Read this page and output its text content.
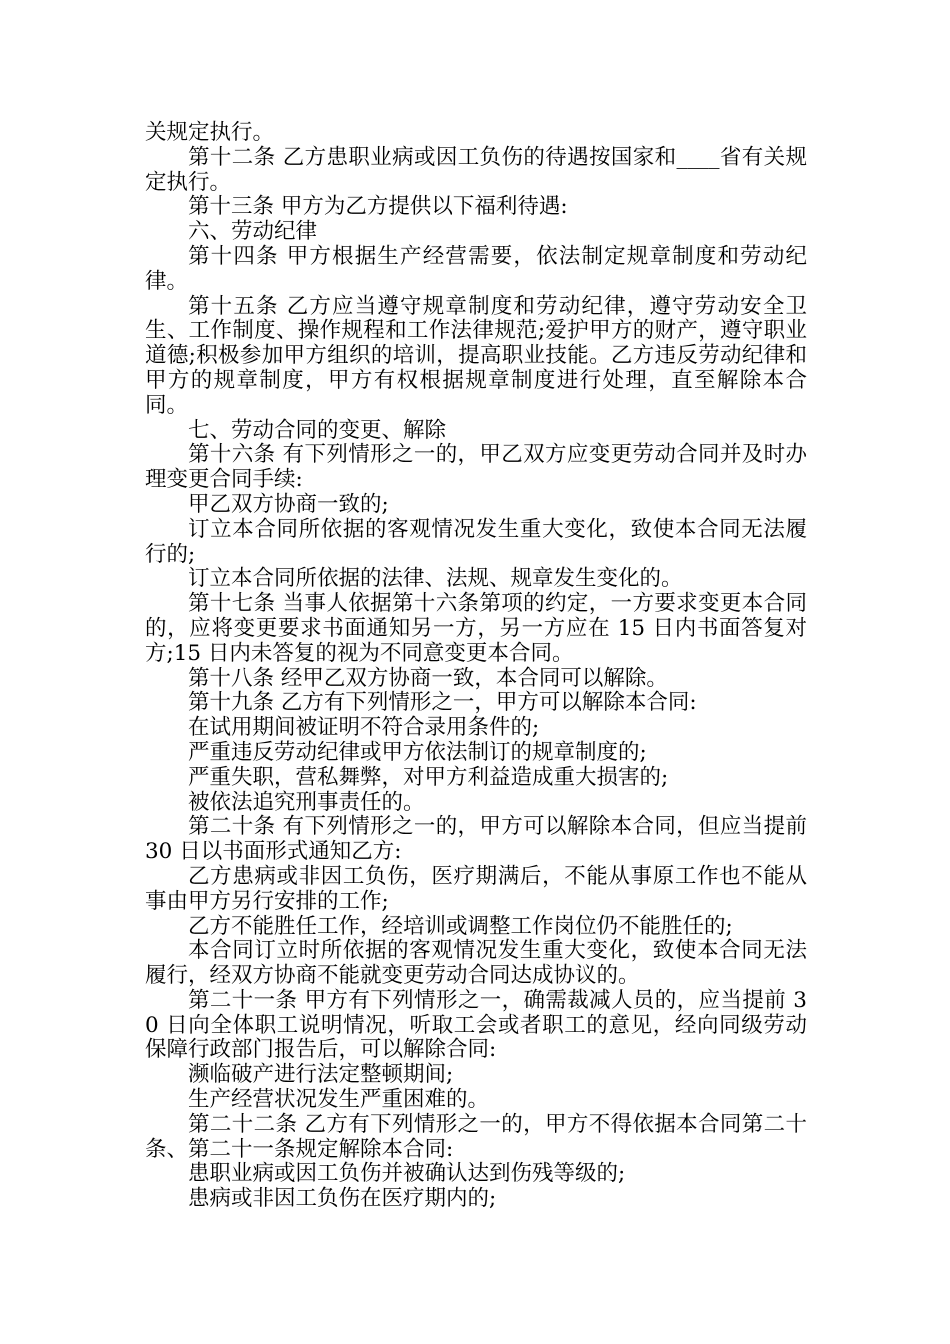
关规定执行。

第十二条 乙方患职业病或因工负伤的待遇按国家和____省有关规定执行。

第十三条 甲方为乙方提供以下福利待遇:

六、劳动纪律

第十四条 甲方根据生产经营需要，依法制定规章制度和劳动纪律。

第十五条 乙方应当遵守规章制度和劳动纪律，遵守劳动安全卫生、工作制度、操作规程和工作法律规范;爱护甲方的财产，遵守职业道德;积极参加甲方组织的培训，提高职业技能。乙方违反劳动纪律和甲方的规章制度，甲方有权根据规章制度进行处理，直至解除本合同。

七、劳动合同的变更、解除

第十六条 有下列情形之一的，甲乙双方应变更劳动合同并及时办理变更合同手续:

甲乙双方协商一致的;

订立本合同所依据的客观情况发生重大变化，致使本合同无法履行的;

订立本合同所依据的法律、法规、规章发生变化的。

第十七条 当事人依据第十六条第项的约定，一方要求变更本合同的，应将变更要求书面通知另一方，另一方应在 15 日内书面答复对方;15 日内未答复的视为不同意变更本合同。

第十八条 经甲乙双方协商一致，本合同可以解除。

第十九条 乙方有下列情形之一，甲方可以解除本合同:

在试用期间被证明不符合录用条件的;

严重违反劳动纪律或甲方依法制订的规章制度的;

严重失职，营私舞弊，对甲方利益造成重大损害的;

被依法追究刑事责任的。

第二十条 有下列情形之一的，甲方可以解除本合同，但应当提前 30 日以书面形式通知乙方:

乙方患病或非因工负伤，医疗期满后，不能从事原工作也不能从事由甲方另行安排的工作;

乙方不能胜任工作，经培训或调整工作岗位仍不能胜任的;

本合同订立时所依据的客观情况发生重大变化，致使本合同无法履行，经双方协商不能就变更劳动合同达成协议的。

第二十一条 甲方有下列情形之一，确需裁减人员的，应当提前 30 日向全体职工说明情况，听取工会或者职工的意见，经向同级劳动保障行政部门报告后，可以解除合同:

濒临破产进行法定整顿期间;

生产经营状况发生严重困难的。

第二十二条 乙方有下列情形之一的，甲方不得依据本合同第二十条、第二十一条规定解除本合同:

患职业病或因工负伤并被确认达到伤残等级的;

患病或非因工负伤在医疗期内的;
